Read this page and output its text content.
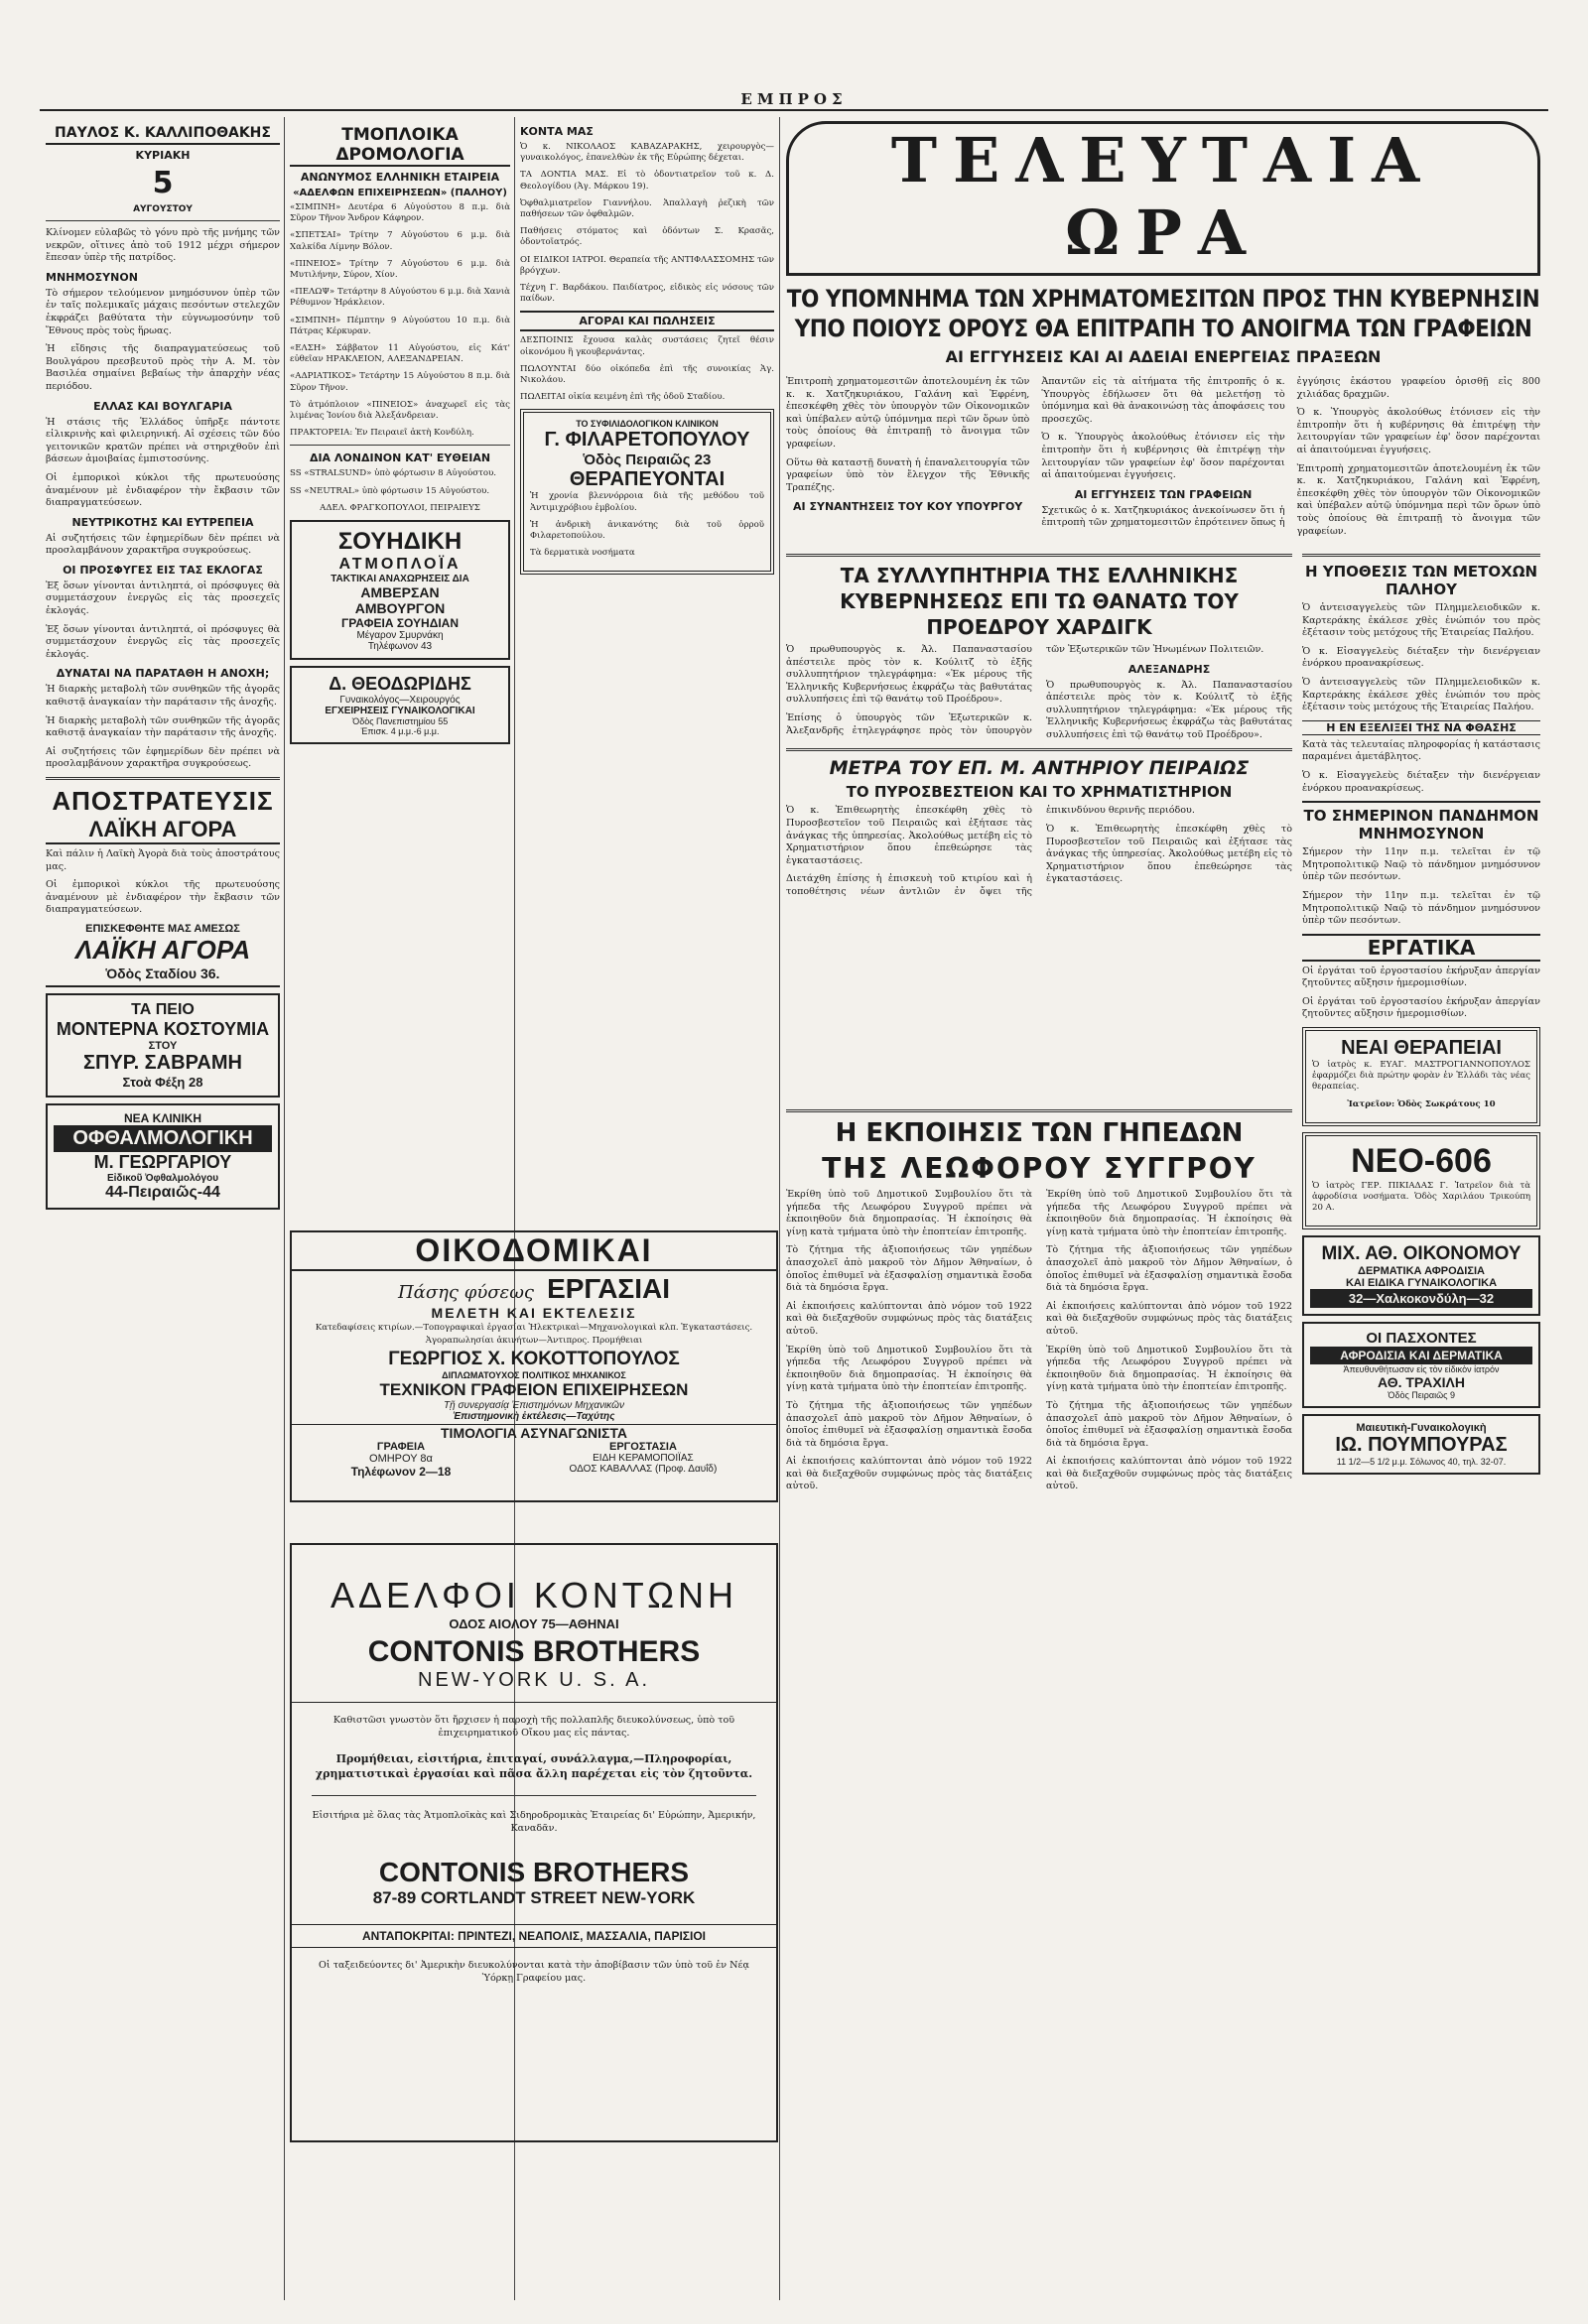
ΕΜΠΡΟΣ
ΠΑΥΛΟΣ Κ. ΚΑΛΛΙΠΟΘΑΚΗΣ
ΚΥΡΙΑΚΗ

5

ΑΥΓΟΥΣΤΟΥ

Κλίνομεν εὐλαβῶς τὸ γόνυ πρὸ τῆς μνήμης τῶν νεκρῶν, οἵτινες ἀπὸ τοῦ 1912 μέχρι σήμερον ἔπεσαν ὑπὲρ τῆς πατρίδος.

ΜΝΗΜΟΣΥΝΟΝ

Τὸ σήμερον τελούμενον μνημόσυνον ὑπὲρ τῶν ἐν ταῖς πολεμικαῖς μάχαις πεσόντων στελεχῶν ἐκφράζει βαθύτατα τὴν εὐγνωμοσύνην τοῦ Ἔθνους πρὸς τοὺς ἥρωας.

Ἡ εἴδησις τῆς διαπραγματεύσεως τοῦ Βουλγάρου πρεσβευτοῦ πρὸς τὴν Α. Μ. τὸν Βασιλέα σημαίνει βεβαίως τὴν ἀπαρχὴν νέας περιόδου.

ΕΛΛΑΣ ΚΑΙ ΒΟΥΛΓΑΡΙΑ

Ἡ στάσις τῆς Ἑλλάδος ὑπῆρξε πάντοτε εἰλικρινὴς καὶ φιλειρηνική. Αἱ σχέσεις τῶν δύο γειτονικῶν κρατῶν πρέπει νὰ στηριχθοῦν ἐπὶ βάσεων ἀμοιβαίας ἐμπιστοσύνης.

Οἱ ἐμπορικοὶ κύκλοι τῆς πρωτευούσης ἀναμένουν μὲ ἐνδιαφέρον τὴν ἔκβασιν τῶν διαπραγματεύσεων.

ΝΕΥΤΡΙΚΟΤΗΣ ΚΑΙ ΕΥΤΡΕΠΕΙΑ

Αἱ συζητήσεις τῶν ἐφημερίδων δὲν πρέπει νὰ προσλαμβάνουν χαρακτῆρα συγκρούσεως.

ΟΙ ΠΡΟΣΦΥΓΕΣ ΕΙΣ ΤΑΣ ΕΚΛΟΓΑΣ

Ἐξ ὅσων γίνονται ἀντιληπτά, οἱ πρόσφυγες θὰ συμμετάσχουν ἐνεργῶς εἰς τὰς προσεχεῖς ἐκλογάς.

Ἐξ ὅσων γίνονται ἀντιληπτά, οἱ πρόσφυγες θὰ συμμετάσχουν ἐνεργῶς εἰς τὰς προσεχεῖς ἐκλογάς.

ΔΥΝΑΤΑΙ ΝΑ ΠΑΡΑΤΑΘΗ Η ΑΝΟΧΗ;

Ἡ διαρκὴς μεταβολὴ τῶν συνθηκῶν τῆς ἀγορᾶς καθιστᾷ ἀναγκαίαν τὴν παράτασιν τῆς ἀνοχῆς.

Ἡ διαρκὴς μεταβολὴ τῶν συνθηκῶν τῆς ἀγορᾶς καθιστᾷ ἀναγκαίαν τὴν παράτασιν τῆς ἀνοχῆς.

Αἱ συζητήσεις τῶν ἐφημερίδων δὲν πρέπει νὰ προσλαμβάνουν χαρακτῆρα συγκρούσεως.

ΑΠΟΣΤΡΑΤΕΥΣΙΣ
ΛΑΪΚΗ ΑΓΟΡΑ

Καὶ πάλιν ἡ Λαϊκὴ Ἀγορὰ διὰ τοὺς ἀποστράτους μας.

Οἱ ἐμπορικοὶ κύκλοι τῆς πρωτευούσης ἀναμένουν μὲ ἐνδιαφέρον τὴν ἔκβασιν τῶν διαπραγματεύσεων.

ΕΠΙΣΚΕΦΘΗΤΕ ΜΑΣ ΑΜΕΣΩΣ
ΛΑΪΚΗ ΑΓΟΡΑ
Ὁδὸς Σταδίου 36.
ΤΑ ΠΕΙΟ
ΜΟΝΤΕΡΝΑ ΚΟΣΤΟΥΜΙΑ
ΣΤΟΥ
ΣΠΥΡ. ΣΑΒΡΑΜΗ
Στοὰ Φέξη 28
ΝΕΑ ΚΛΙΝΙΚΗ
ΟΦΘΑΛΜΟΛΟΓΙΚΗ
Μ. ΓΕΩΡΓΑΡΙΟΥ
Εἰδικοῦ Ὀφθαλμολόγου
44-Πειραιῶς-44
ΤΜΟΠΛΟΙΚΑ ΔΡΟΜΟΛΟΓΙΑ
ΑΝΩΝΥΜΟΣ ΕΛΛΗΝΙΚΗ ΕΤΑΙΡΕΙΑ
«ΑΔΕΛΦΩΝ ΕΠΙΧΕΙΡΗΣΕΩΝ» (ΠΑΛΗΟΥ)

«ΣΙΜΠΝΗ» Δευτέρα 6 Αὐγούστου 8 π.μ. διὰ Σῦρον Τῆνον Ἄνδρον Κάφηρον.

«ΣΠΕΤΣΑΙ» Τρίτην 7 Αὐγούστου 6 μ.μ. διὰ Χαλκίδα Λίμνην Βόλον.

«ΠΙΝΕΙΟΣ» Τρίτην 7 Αὐγούστου 6 μ.μ. διὰ Μυτιλήνην, Σύρον, Χίον.

«ΠΕΛΩΨ» Τετάρτην 8 Αὐγούστου 6 μ.μ. διὰ Χανιὰ Ρέθυμνον Ἡράκλειον.

«ΣΙΜΠΝΗ» Πέμπτην 9 Αὐγούστου 10 π.μ. διὰ Πάτρας Κέρκυραν.

«ΕΛΣΗ» Σάββατον 11 Αὐγούστου, εἰς Κάτ' εὐθεῖαν ΗΡΑΚΛΕΙΟΝ, ΑΛΕΞΑΝΔΡΕΙΑΝ.

«ΑΔΡΙΑΤΙΚΟΣ» Τετάρτην 15 Αὐγούστου 8 π.μ. διὰ Σῦρον Τῆνον.

Τὸ ἀτμόπλοιον «ΠΙΝΕΙΟΣ» ἀναχωρεῖ εἰς τὰς λιμένας Ἰονίου διὰ Ἀλεξάνδρειαν.

ΠΡΑΚΤΟΡΕΙΑ: Ἐν Πειραιεῖ ἀκτὴ Κονδύλη.

ΔΙΑ ΛΟΝΔΙΝΟΝ ΚΑΤ' ΕΥΘΕΙΑΝ

SS «STRALSUND» ὑπὸ φόρτωσιν 8 Αὐγούστου.

SS «NEUTRAL» ὑπὸ φόρτωσιν 15 Αὐγούστου.

ΑΔΕΛ. ΦΡΑΓΚΟΠΟΥΛΟΙ, ΠΕΙΡΑΙΕΥΣ

ΣΟΥΗΔΙΚΗ
ΑΤΜΟΠΛΟΪΑ
ΤΑΚΤΙΚΑΙ ΑΝΑΧΩΡΗΣΕΙΣ ΔΙΑ
ΑΜΒΕΡΣΑΝ
ΑΜΒΟΥΡΓΟΝ
ΓΡΑΦΕΙΑ ΣΟΥΗΔΙΑΝ
Μέγαρον Σμυρνάκη
Τηλέφωνον 43
Δ. ΘΕΟΔΩΡΙΔΗΣ
Γυναικολόγος—Χειρουργός
ΕΓΧΕΙΡΗΣΕΙΣ ΓΥΝΑΙΚΟΛΟΓΙΚΑΙ
Ὁδὸς Πανεπιστημίου 55
Ἐπισκ. 4 μ.μ.-6 μ.μ.
ΚΟΝΤΑ ΜΑΣ

Ὁ κ. ΝΙΚΟΛΑΟΣ ΚΑΒΑΖΑΡΑΚΗΣ, χειρουργὸς—γυναικολόγος, ἐπανελθὼν ἐκ τῆς Εὐρώπης δέχεται.

ΤΑ ΔΟΝΤΙΑ ΜΑΣ. Εἰ τὸ ὀδοντιατρεῖον τοῦ κ. Δ. Θεολογίδου (Ἀγ. Μάρκου 19).

Ὀφθαλμιατρεῖον Γιαννήλου. Ἀπαλλαγὴ ῥεζικὴ τῶν παθήσεων τῶν ὀφθαλμῶν.

Παθήσεις στόματος καὶ ὀδόντων Σ. Κρασᾶς, ὀδοντοϊατρός.

ΟΙ ΕΙΔΙΚΟΙ ΙΑΤΡΟΙ. Θεραπεία τῆς ΑΝΤΙΦΛΑΣΣΟΜΗΣ τῶν βρόγχων.

Τέχνη Γ. Βαρδάκου. Παιδίατρος, εἰδικὸς εἰς νόσους τῶν παίδων.

ΑΓΟΡΑΙ ΚΑΙ ΠΩΛΗΣΕΙΣ

ΔΕΣΠΟΙΝΙΣ ἔχουσα καλὰς συστάσεις ζητεῖ θέσιν οἰκονόμου ἢ γκουβερνάντας.

ΠΩΛΟΥΝΤΑΙ δύο οἰκόπεδα ἐπὶ τῆς συνοικίας Ἁγ. Νικολάου.

ΠΩΛΕΙΤΑΙ οἰκία κειμένη ἐπὶ τῆς ὁδοῦ Σταδίου.

ΤΟ ΣΥΦΙΛΙΔΟΛΟΓΙΚΟΝ ΚΛΙΝΙΚΟΝ
Γ. ΦΙΛΑΡΕΤΟΠΟΥΛΟΥ
Ὁδὸς Πειραιῶς 23
ΘΕΡΑΠΕΥΟΝΤΑΙ

Ἡ χρονία βλεννόρροια διὰ τῆς μεθόδου τοῦ Ἀντιμιχρόβιου ἐμβολίου.

Ἡ ἀνδρικὴ ἀνικανότης διὰ τοῦ ὀρροῦ Φιλαρετοπούλου.

Τὰ δερματικὰ νοσήματα

ΟΙΚΟΔΟΜΙΚΑΙ
Πάσης φύσεως ΕΡΓΑΣΙΑΙ
ΜΕΛΕΤΗ ΚΑΙ ΕΚΤΕΛΕΣΙΣ

Κατεδαφίσεις κτιρίων.—Τοπογραφικαὶ ἐργασίαι Ἠλεκτρικαὶ—Μηχανολογικαὶ κλπ. Ἐγκαταστάσεις.

Ἀγοραπωλησίαι ἀκινήτων—Ἀντιπρος. Προμήθειαι

ΓΕΩΡΓΙΟΣ Χ. ΚΟΚΟΤΤΟΠΟΥΛΟΣ
ΔΙΠΛΩΜΑΤΟΥΧΟΣ ΠΟΛΙΤΙΚΟΣ ΜΗΧΑΝΙΚΟΣ
ΤΕΧΝΙΚΟΝ ΓΡΑΦΕΙΟΝ ΕΠΙΧΕΙΡΗΣΕΩΝ
Τῇ συνεργασίᾳ Ἐπιστημόνων Μηχανικῶν
Ἐπιστημονικὴ ἐκτέλεσις—Ταχύτης
ΤΙΜΟΛΟΓΙΑ ΑΣΥΝΑΓΩΝΙΣΤΑ
ΓΡΑΦΕΙΑ
ΟΜΗΡΟΥ 8α
Τηλέφωνον 2—18
ΕΡΓΟΣΤΑΣΙΑ
ΕΙΔΗ ΚΕΡΑΜΟΠΟΙΪΑΣ
ΟΔΟΣ ΚΑΒΑΛΛΑΣ (Προφ. Δαυΐδ)
ΑΔΕΛΦΟΙ ΚΟΝΤΩΝΗ
ΟΔΟΣ ΑΙΟΛΟΥ 75—ΑΘΗΝΑΙ
CONTONIS BROTHERS
NEW-YORK U. S. A.

Καθιστῶσι γνωστὸν ὅτι ἤρχισεν ἡ παροχὴ τῆς πολλαπλῆς διευκολύνσεως, ὑπὸ τοῦ ἐπιχειρηματικοῦ Οἴκου μας εἰς πάντας.

Προμήθειαι, εἰσιτήρια, ἐπιταγαί, συνάλλαγμα,—Πληροφορίαι, χρηματιστικαὶ ἐργασίαι καὶ πᾶσα ἄλλη παρέχεται εἰς τὸν ζητοῦντα.

Εἰσιτήρια μὲ ὅλας τὰς Ἀτμοπλοϊκὰς καὶ Σιδηροδρομικὰς Ἑταιρείας δι' Εὐρώπην, Ἀμερικήν, Καναδᾶν.

CONTONIS BROTHERS
87-89 CORTLANDT STREET NEW-YORK
ΑΝΤΑΠΟΚΡΙΤΑΙ: ΠΡΙΝΤΕΖΙ, ΝΕΑΠΟΛΙΣ, ΜΑΣΣΑΛΙΑ, ΠΑΡΙΣΙΟΙ

Οἱ ταξειδεύοντες δι' Ἀμερικὴν διευκολύνονται κατὰ τὴν ἀποβίβασιν τῶν ὑπὸ τοῦ ἐν Νέᾳ Ὑόρκῃ Γραφείου μας.

ΤΕΛΕΥΤΑΙΑ ΩΡΑ

ΤΟ ΥΠΟΜΝΗΜΑ ΤΩΝ ΧΡΗΜΑΤΟΜΕΣΙΤΩΝ ΠΡΟΣ ΤΗΝ ΚΥΒΕΡΝΗΣΙΝ

ΥΠΟ ΠΟΙΟΥΣ ΟΡΟΥΣ ΘΑ ΕΠΙΤΡΑΠΗ ΤΟ ΑΝΟΙΓΜΑ ΤΩΝ ΓΡΑΦΕΙΩΝ

ΑΙ ΕΓΓΥΗΣΕΙΣ ΚΑΙ ΑΙ ΑΔΕΙΑΙ ΕΝΕΡΓΕΙΑΣ ΠΡΑΞΕΩΝ

Ἐπιτροπὴ χρηματομεσιτῶν ἀποτελουμένη ἐκ τῶν κ. κ. Χατζηκυριάκου, Γαλάνη καὶ Ἐφρένη, ἐπεσκέφθη χθὲς τὸν ὑπουργὸν τῶν Οἰκονομικῶν καὶ ὑπέβαλεν αὐτῷ ὑπόμνημα περὶ τῶν ὅρων ὑπὸ τοὺς ὁποίους θὰ ἐπιτραπῇ τὸ ἄνοιγμα τῶν γραφείων.

Οὕτω θὰ καταστῇ δυνατὴ ἡ ἐπαναλειτουργία τῶν γραφείων ὑπὸ τὸν ἔλεγχον τῆς Ἐθνικῆς Τραπέζης.

ΑΙ ΣΥΝΑΝΤΗΣΕΙΣ ΤΟΥ ΚΟΥ ΥΠΟΥΡΓΟΥ

Ἀπαντῶν εἰς τὰ αἰτήματα τῆς ἐπιτροπῆς ὁ κ. Ὑπουργὸς ἐδήλωσεν ὅτι θὰ μελετήσῃ τὸ ὑπόμνημα καὶ θὰ ἀνακοινώσῃ τὰς ἀποφάσεις του προσεχῶς.

Ὁ κ. Ὑπουργὸς ἀκολούθως ἐτόνισεν εἰς τὴν ἐπιτροπὴν ὅτι ἡ κυβέρνησις θὰ ἐπιτρέψῃ τὴν λειτουργίαν τῶν γραφείων ἐφ' ὅσον παρέχονται αἱ ἀπαιτούμεναι ἐγγυήσεις.

ΑΙ ΕΓΓΥΗΣΕΙΣ ΤΩΝ ΓΡΑΦΕΙΩΝ

Σχετικῶς ὁ κ. Χατζηκυριάκος ἀνεκοίνωσεν ὅτι ἡ ἐπιτροπὴ τῶν χρηματομεσιτῶν ἐπρότεινεν ὅπως ἡ ἐγγύησις ἑκάστου γραφείου ὁρισθῇ εἰς 800 χιλιάδας δραχμῶν.

Ὁ κ. Ὑπουργὸς ἀκολούθως ἐτόνισεν εἰς τὴν ἐπιτροπὴν ὅτι ἡ κυβέρνησις θὰ ἐπιτρέψῃ τὴν λειτουργίαν τῶν γραφείων ἐφ' ὅσον παρέχονται αἱ ἀπαιτούμεναι ἐγγυήσεις.

Ἐπιτροπὴ χρηματομεσιτῶν ἀποτελουμένη ἐκ τῶν κ. κ. Χατζηκυριάκου, Γαλάνη καὶ Ἐφρένη, ἐπεσκέφθη χθὲς τὸν ὑπουργὸν τῶν Οἰκονομικῶν καὶ ὑπέβαλεν αὐτῷ ὑπόμνημα περὶ τῶν ὅρων ὑπὸ τοὺς ὁποίους θὰ ἐπιτραπῇ τὸ ἄνοιγμα τῶν γραφείων.

ΤΑ ΣΥΛΛΥΠΗΤΗΡΙΑ ΤΗΣ ΕΛΛΗΝΙΚΗΣ ΚΥΒΕΡΝΗΣΕΩΣ ΕΠΙ ΤΩ ΘΑΝΑΤΩ ΤΟΥ ΠΡΟΕΔΡΟΥ ΧΑΡΔΙΓΚ

Ὁ πρωθυπουργὸς κ. Ἀλ. Παπαναστασίου ἀπέστειλε πρὸς τὸν κ. Κούλιτζ τὸ ἑξῆς συλλυπητήριον τηλεγράφημα: «Ἐκ μέρους τῆς Ἑλληνικῆς Κυβερνήσεως ἐκφράζω τὰς βαθυτάτας συλλυπήσεις ἐπὶ τῷ θανάτῳ τοῦ Προέδρου».

Ἐπίσης ὁ ὑπουργὸς τῶν Ἐξωτερικῶν κ. Ἀλεξανδρῆς ἐτηλεγράφησε πρὸς τὸν ὑπουργὸν τῶν Ἐξωτερικῶν τῶν Ἡνωμένων Πολιτειῶν.

ΑΛΕΞΑΝΔΡΗΣ

Ὁ πρωθυπουργὸς κ. Ἀλ. Παπαναστασίου ἀπέστειλε πρὸς τὸν κ. Κούλιτζ τὸ ἑξῆς συλλυπητήριον τηλεγράφημα: «Ἐκ μέρους τῆς Ἑλληνικῆς Κυβερνήσεως ἐκφράζω τὰς βαθυτάτας συλλυπήσεις ἐπὶ τῷ θανάτῳ τοῦ Προέδρου».

ΜΕΤΡΑ ΤΟΥ ΕΠ. Μ. ΑΝΤΗΡΙΟΥ ΠΕΙΡΑΙΩΣ
ΤΟ ΠΥΡΟΣΒΕΣΤΕΙΟΝ ΚΑΙ ΤΟ ΧΡΗΜΑΤΙΣΤΗΡΙΟΝ

Ὁ κ. Ἐπιθεωρητὴς ἐπεσκέφθη χθὲς τὸ Πυροσβεστεῖον τοῦ Πειραιῶς καὶ ἐξήτασε τὰς ἀνάγκας τῆς ὑπηρεσίας. Ἀκολούθως μετέβη εἰς τὸ Χρηματιστήριον ὅπου ἐπεθεώρησε τὰς ἐγκαταστάσεις.

Διετάχθη ἐπίσης ἡ ἐπισκευὴ τοῦ κτιρίου καὶ ἡ τοποθέτησις νέων ἀντλιῶν ἐν ὄψει τῆς ἐπικινδύνου θερινῆς περιόδου.

Ὁ κ. Ἐπιθεωρητὴς ἐπεσκέφθη χθὲς τὸ Πυροσβεστεῖον τοῦ Πειραιῶς καὶ ἐξήτασε τὰς ἀνάγκας τῆς ὑπηρεσίας. Ἀκολούθως μετέβη εἰς τὸ Χρηματιστήριον ὅπου ἐπεθεώρησε τὰς ἐγκαταστάσεις.

Η ΕΚΠΟΙΗΣΙΣ ΤΩΝ ΓΗΠΕΔΩΝ
ΤΗΣ ΛΕΩΦΟΡΟΥ ΣΥΓΓΡΟΥ

Ἐκρίθη ὑπὸ τοῦ Δημοτικοῦ Συμβουλίου ὅτι τὰ γήπεδα τῆς Λεωφόρου Συγγροῦ πρέπει νὰ ἐκποιηθοῦν διὰ δημοπρασίας. Ἡ ἐκποίησις θὰ γίνῃ κατὰ τμήματα ὑπὸ τὴν ἐποπτείαν ἐπιτροπῆς.

Τὸ ζήτημα τῆς ἀξιοποιήσεως τῶν γηπέδων ἀπασχολεῖ ἀπὸ μακροῦ τὸν Δῆμον Ἀθηναίων, ὁ ὁποῖος ἐπιθυμεῖ νὰ ἐξασφαλίσῃ σημαντικὰ ἔσοδα διὰ τὰ δημόσια ἔργα.

Αἱ ἐκποιήσεις καλύπτονται ἀπὸ νόμον τοῦ 1922 καὶ θὰ διεξαχθοῦν συμφώνως πρὸς τὰς διατάξεις αὐτοῦ.

Ἐκρίθη ὑπὸ τοῦ Δημοτικοῦ Συμβουλίου ὅτι τὰ γήπεδα τῆς Λεωφόρου Συγγροῦ πρέπει νὰ ἐκποιηθοῦν διὰ δημοπρασίας. Ἡ ἐκποίησις θὰ γίνῃ κατὰ τμήματα ὑπὸ τὴν ἐποπτείαν ἐπιτροπῆς.

Τὸ ζήτημα τῆς ἀξιοποιήσεως τῶν γηπέδων ἀπασχολεῖ ἀπὸ μακροῦ τὸν Δῆμον Ἀθηναίων, ὁ ὁποῖος ἐπιθυμεῖ νὰ ἐξασφαλίσῃ σημαντικὰ ἔσοδα διὰ τὰ δημόσια ἔργα.

Αἱ ἐκποιήσεις καλύπτονται ἀπὸ νόμον τοῦ 1922 καὶ θὰ διεξαχθοῦν συμφώνως πρὸς τὰς διατάξεις αὐτοῦ.

Ἐκρίθη ὑπὸ τοῦ Δημοτικοῦ Συμβουλίου ὅτι τὰ γήπεδα τῆς Λεωφόρου Συγγροῦ πρέπει νὰ ἐκποιηθοῦν διὰ δημοπρασίας. Ἡ ἐκποίησις θὰ γίνῃ κατὰ τμήματα ὑπὸ τὴν ἐποπτείαν ἐπιτροπῆς.

Τὸ ζήτημα τῆς ἀξιοποιήσεως τῶν γηπέδων ἀπασχολεῖ ἀπὸ μακροῦ τὸν Δῆμον Ἀθηναίων, ὁ ὁποῖος ἐπιθυμεῖ νὰ ἐξασφαλίσῃ σημαντικὰ ἔσοδα διὰ τὰ δημόσια ἔργα.

Αἱ ἐκποιήσεις καλύπτονται ἀπὸ νόμον τοῦ 1922 καὶ θὰ διεξαχθοῦν συμφώνως πρὸς τὰς διατάξεις αὐτοῦ.

Ἐκρίθη ὑπὸ τοῦ Δημοτικοῦ Συμβουλίου ὅτι τὰ γήπεδα τῆς Λεωφόρου Συγγροῦ πρέπει νὰ ἐκποιηθοῦν διὰ δημοπρασίας. Ἡ ἐκποίησις θὰ γίνῃ κατὰ τμήματα ὑπὸ τὴν ἐποπτείαν ἐπιτροπῆς.

Τὸ ζήτημα τῆς ἀξιοποιήσεως τῶν γηπέδων ἀπασχολεῖ ἀπὸ μακροῦ τὸν Δῆμον Ἀθηναίων, ὁ ὁποῖος ἐπιθυμεῖ νὰ ἐξασφαλίσῃ σημαντικὰ ἔσοδα διὰ τὰ δημόσια ἔργα.

Αἱ ἐκποιήσεις καλύπτονται ἀπὸ νόμον τοῦ 1922 καὶ θὰ διεξαχθοῦν συμφώνως πρὸς τὰς διατάξεις αὐτοῦ.

Η ΥΠΟΘΕΣΙΣ ΤΩΝ ΜΕΤΟΧΩΝ ΠΑΛΗΟΥ

Ὁ ἀντεισαγγελεὺς τῶν Πλημμελειοδικῶν κ. Καρτεράκης ἐκάλεσε χθὲς ἐνώπιόν του πρὸς ἐξέτασιν τοὺς μετόχους τῆς Ἑταιρείας Παλήου.

Ὁ κ. Εἰσαγγελεὺς διέταξεν τὴν διενέργειαν ἐνόρκου προανακρίσεως.

Ὁ ἀντεισαγγελεὺς τῶν Πλημμελειοδικῶν κ. Καρτεράκης ἐκάλεσε χθὲς ἐνώπιόν του πρὸς ἐξέτασιν τοὺς μετόχους τῆς Ἑταιρείας Παλήου.

Η ΕΝ ΕΞΕΛΙΞΕΙ ΤΗΣ ΝΑ ΦΘΑΣΗΣ

Κατὰ τὰς τελευταίας πληροφορίας ἡ κατάστασις παραμένει ἀμετάβλητος.

Ὁ κ. Εἰσαγγελεὺς διέταξεν τὴν διενέργειαν ἐνόρκου προανακρίσεως.

ΤΟ ΣΗΜΕΡΙΝΟΝ ΠΑΝΔΗΜΟΝ ΜΝΗΜΟΣΥΝΟΝ

Σήμερον τὴν 11ην π.μ. τελεῖται ἐν τῷ Μητροπολιτικῷ Ναῷ τὸ πάνδημον μνημόσυνον ὑπὲρ τῶν πεσόντων.

Σήμερον τὴν 11ην π.μ. τελεῖται ἐν τῷ Μητροπολιτικῷ Ναῷ τὸ πάνδημον μνημόσυνον ὑπὲρ τῶν πεσόντων.

ΕΡΓΑΤΙΚΑ

Οἱ ἐργάται τοῦ ἐργοστασίου ἐκήρυξαν ἀπεργίαν ζητοῦντες αὔξησιν ἡμερομισθίων.

Οἱ ἐργάται τοῦ ἐργοστασίου ἐκήρυξαν ἀπεργίαν ζητοῦντες αὔξησιν ἡμερομισθίων.

ΝΕΑΙ ΘΕΡΑΠΕΙΑΙ

Ὁ ἰατρὸς κ. ΕΥΑΓ. ΜΑΣΤΡΟΓΙΑΝΝΟΠΟΥΛΟΣ ἐφαρμόζει διὰ πρώτην φορὰν ἐν Ἑλλάδι τὰς νέας θεραπείας.

Ἰατρεῖον: Ὁδὸς Σωκράτους 10

ΝΕΟ-606

Ὁ ἰατρὸς ΓΕΡ. ΠΙΚΙΑΔΑΣ Γ. Ἰατρεῖον διὰ τὰ ἀφροδίσια νοσήματα. Ὁδὸς Χαριλάου Τρικούπη 20 Α.

ΜΙΧ. ΑΘ. ΟΙΚΟΝΟΜΟΥ
ΔΕΡΜΑΤΙΚΑ ΑΦΡΟΔΙΣΙΑ
ΚΑΙ ΕΙΔΙΚΑ ΓΥΝΑΙΚΟΛΟΓΙΚΑ
32—Χαλκοκονδύλη—32
ΟΙ ΠΑΣΧΟΝΤΕΣ
ΑΦΡΟΔΙΣΙΑ ΚΑΙ ΔΕΡΜΑΤΙΚΑ
Ἀπευθυνθήτωσαν εἰς τὸν εἰδικὸν ἰατρόν
ΑΘ. ΤΡΑΧΙΛΗ
Ὁδὸς Πειραιῶς 9
Μαιευτικὴ-Γυναικολογικὴ
ΙΩ. ΠΟΥΜΠΟΥΡΑΣ
11 1/2—5 1/2 μ.μ. Σόλωνος 40, τηλ. 32-07.
